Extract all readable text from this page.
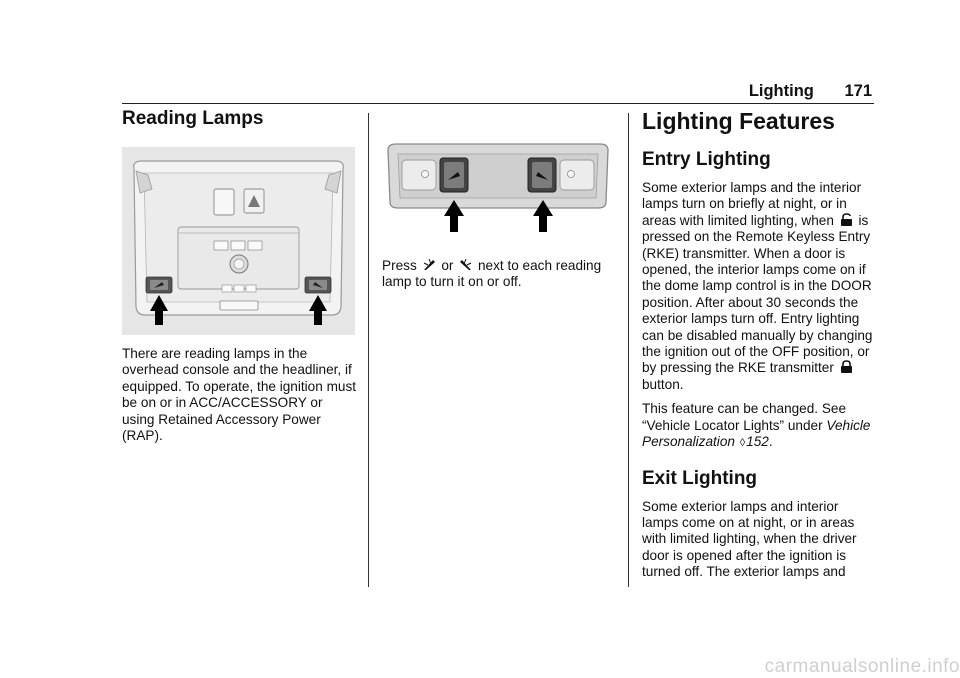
Lighting 171
Reading Lamps

There are reading lamps in the overhead console and the headliner, if equipped. To operate, the ignition must be on or in ACC/ACCESSORY or using Retained Accessory Power (RAP).

Press or next to each reading lamp to turn it on or off.

Lighting Features
Entry Lighting

Some exterior lamps and the interior lamps turn on briefly at night, or in areas with limited lighting, when is pressed on the Remote Keyless Entry (RKE) transmitter. When a door is opened, the interior lamps come on if the dome lamp control is in the DOOR position. After about 30 seconds the exterior lamps turn off. Entry lighting can be disabled manually by changing the ignition out of the OFF position, or by pressing the RKE transmitter  button.

This feature can be changed. See “Vehicle Locator Lights” under Vehicle Personalization ◊152.

Exit Lighting

Some exterior lamps and interior lamps come on at night, or in areas with limited lighting, when the driver door is opened after the ignition is turned off. The exterior lamps and

carmanualsonline.info
